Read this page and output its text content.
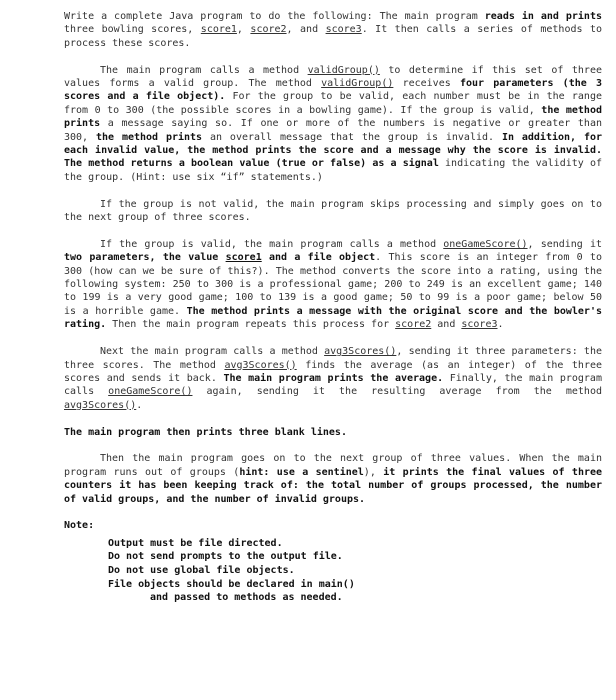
Write a complete Java program to do the following: The main program reads in and prints three bowling scores, score1, score2, and score3. It then calls a series of methods to process these scores.

The main program calls a method validGroup() to determine if this set of three values forms a valid group. The method validGroup() receives four parameters (the 3 scores and a file object). For the group to be valid, each number must be in the range from 0 to 300 (the possible scores in a bowling game). If the group is valid, the method prints a message saying so. If one or more of the numbers is negative or greater than 300, the method prints an overall message that the group is invalid. In addition, for each invalid value, the method prints the score and a message why the score is invalid. The method returns a boolean value (true or false) as a signal indicating the validity of the group. (Hint: use six “if” statements.)

If the group is not valid, the main program skips processing and simply goes on to the next group of three scores.

If the group is valid, the main program calls a method oneGameScore(), sending it two parameters, the value score1 and a file object. This score is an integer from 0 to 300 (how can we be sure of this?). The method converts the score into a rating, using the following system: 250 to 300 is a professional game; 200 to 249 is an excellent game; 140 to 199 is a very good game; 100 to 139 is a good game; 50 to 99 is a poor game; below 50 is a horrible game. The method prints a message with the original score and the bowler's rating. Then the main program repeats this process for score2 and score3.

Next the main program calls a method avg3Scores(), sending it three parameters: the three scores. The method avg3Scores() finds the average (as an integer) of the three scores and sends it back. The main program prints the average. Finally, the main program calls oneGameScore() again, sending it the resulting average from the method avg3Scores().

The main program then prints three blank lines.

Then the main program goes on to the next group of three values. When the main program runs out of groups (hint: use a sentinel), it prints the final values of three counters it has been keeping track of: the total number of groups processed, the number of valid groups, and the number of invalid groups.

Note:

Output must be file directed.
Do not send prompts to the output file.
Do not use global file objects.
File objects should be declared in main()
and passed to methods as needed.
